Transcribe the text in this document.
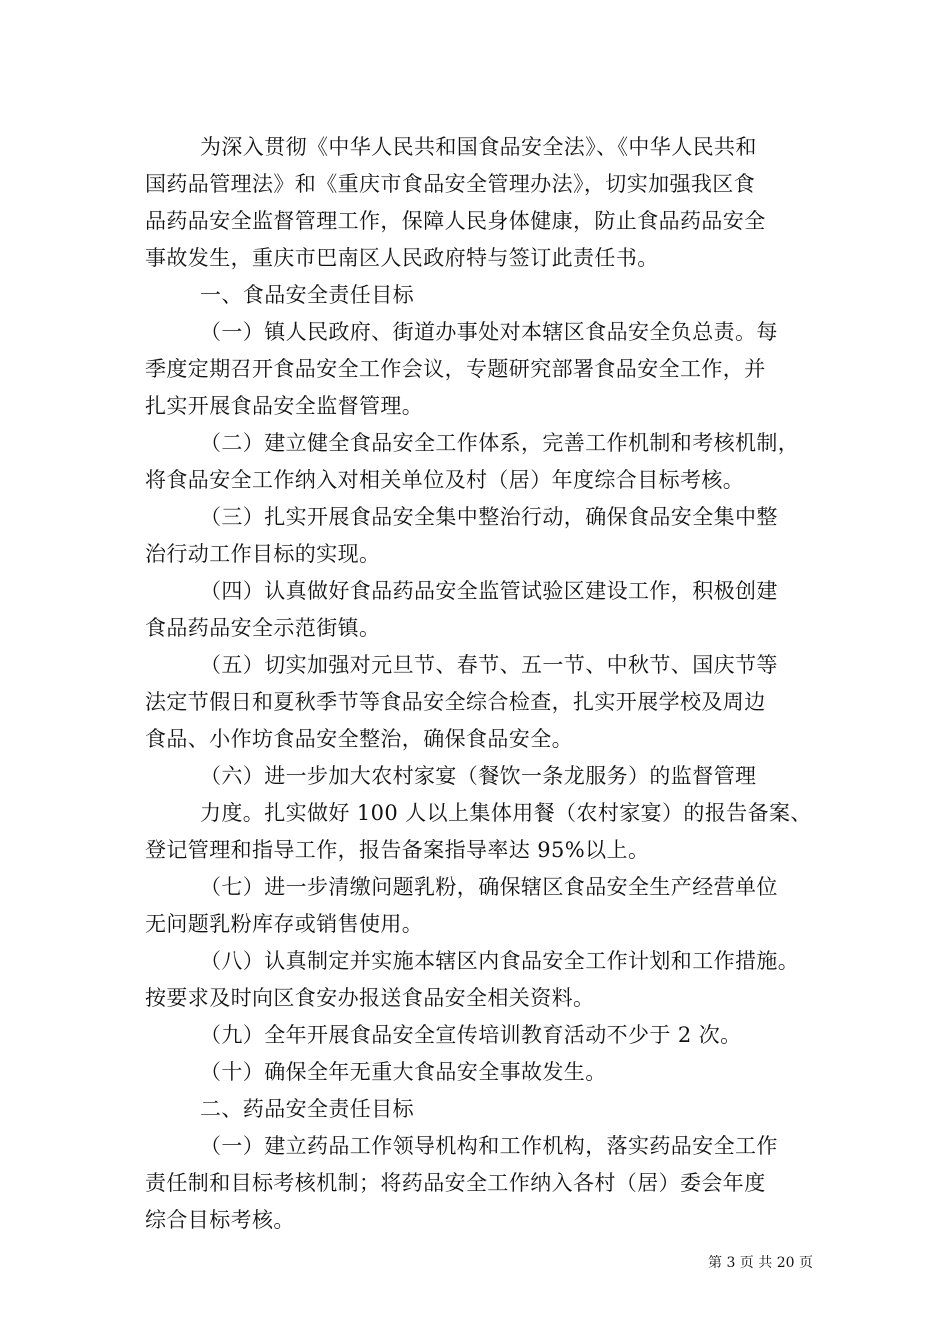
为深入贯彻《中华人民共和国食品安全法》、《中华人民共和
国药品管理法》和《重庆市食品安全管理办法》，切实加强我区食
品药品安全监督管理工作，保障人民身体健康，防止食品药品安全
事故发生，重庆市巴南区人民政府特与签订此责任书。
一、食品安全责任目标
（一）镇人民政府、街道办事处对本辖区食品安全负总责。每
季度定期召开食品安全工作会议，专题研究部署食品安全工作，并
扎实开展食品安全监督管理。
（二）建立健全食品安全工作体系，完善工作机制和考核机制，
将食品安全工作纳入对相关单位及村（居）年度综合目标考核。
（三）扎实开展食品安全集中整治行动，确保食品安全集中整
治行动工作目标的实现。
（四）认真做好食品药品安全监管试验区建设工作，积极创建
食品药品安全示范街镇。
（五）切实加强对元旦节、春节、五一节、中秋节、国庆节等
法定节假日和夏秋季节等食品安全综合检查，扎实开展学校及周边
食品、小作坊食品安全整治，确保食品安全。
（六）进一步加大农村家宴（餐饮一条龙服务）的监督管理
力度。扎实做好 100 人以上集体用餐（农村家宴）的报告备案、
登记管理和指导工作，报告备案指导率达 95%以上。
（七）进一步清缴问题乳粉，确保辖区食品安全生产经营单位
无问题乳粉库存或销售使用。
（八）认真制定并实施本辖区内食品安全工作计划和工作措施。
按要求及时向区食安办报送食品安全相关资料。
（九）全年开展食品安全宣传培训教育活动不少于 2 次。
（十）确保全年无重大食品安全事故发生。
二、药品安全责任目标
（一）建立药品工作领导机构和工作机构，落实药品安全工作
责任制和目标考核机制；将药品安全工作纳入各村（居）委会年度
综合目标考核。
第 3 页 共 20 页
